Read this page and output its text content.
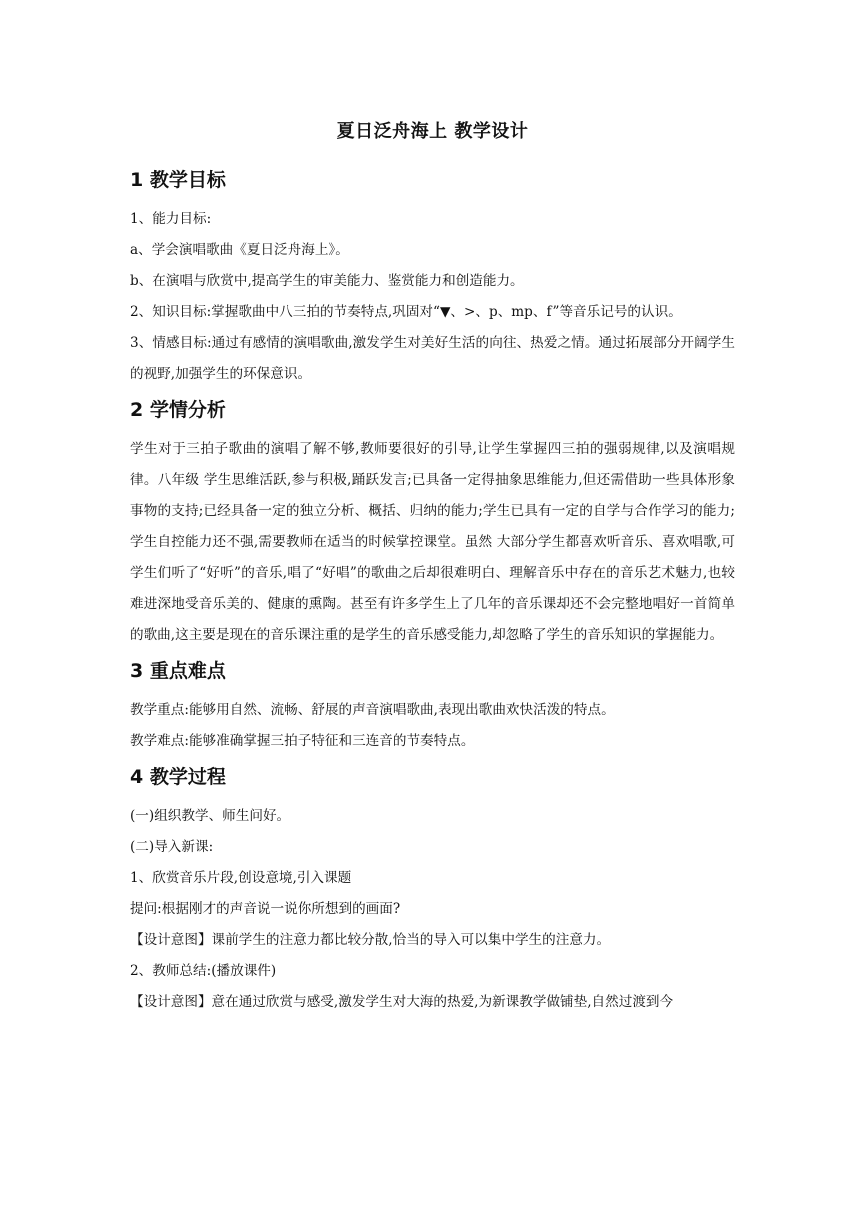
夏日泛舟海上 教学设计
1 教学目标

1、能力目标:

a、学会演唱歌曲《夏日泛舟海上》。

b、在演唱与欣赏中,提高学生的审美能力、鉴赏能力和创造能力。

2、知识目标:掌握歌曲中八三拍的节奏特点,巩固对“▼、>、p、mp、f”等音乐记号的认识。

3、情感目标:通过有感情的演唱歌曲,激发学生对美好生活的向往、热爱之情。通过拓展部分开阔学生的视野,加强学生的环保意识。

2 学情分析

学生对于三拍子歌曲的演唱了解不够,教师要很好的引导,让学生掌握四三拍的强弱规律,以及演唱规律。八年级 学生思维活跃,参与积极,踊跃发言;已具备一定得抽象思维能力,但还需借助一些具体形象事物的支持;已经具备一定的独立分析、概括、归纳的能力;学生已具有一定的自学与合作学习的能力;学生自控能力还不强,需要教师在适当的时候掌控课堂。虽然 大部分学生都喜欢听音乐、喜欢唱歌,可学生们听了“好听”的音乐,唱了“好唱”的歌曲之后却很难明白、理解音乐中存在的音乐艺术魅力,也较难进深地受音乐美的、健康的熏陶。甚至有许多学生上了几年的音乐课却还不会完整地唱好一首简单的歌曲,这主要是现在的音乐课注重的是学生的音乐感受能力,却忽略了学生的音乐知识的掌握能力。

3 重点难点

教学重点:能够用自然、流畅、舒展的声音演唱歌曲,表现出歌曲欢快活泼的特点。

教学难点:能够准确掌握三拍子特征和三连音的节奏特点。

4 教学过程

(一)组织教学、师生问好。

(二)导入新课:

1、欣赏音乐片段,创设意境,引入课题

提问:根据刚才的声音说一说你所想到的画面?

【设计意图】课前学生的注意力都比较分散,恰当的导入可以集中学生的注意力。

2、教师总结:(播放课件)

【设计意图】意在通过欣赏与感受,激发学生对大海的热爱,为新课教学做铺垫,自然过渡到今
